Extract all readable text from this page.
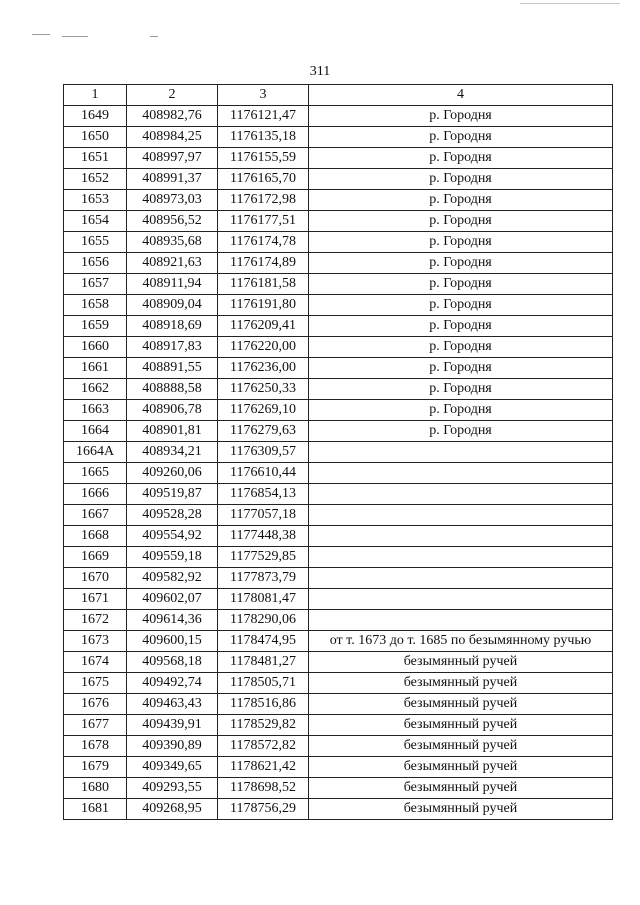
311
1	2	3	4
1649	408982,76	1176121,47	р. Городня
1650	408984,25	1176135,18	р. Городня
1651	408997,97	1176155,59	р. Городня
1652	408991,37	1176165,70	р. Городня
1653	408973,03	1176172,98	р. Городня
1654	408956,52	1176177,51	р. Городня
1655	408935,68	1176174,78	р. Городня
1656	408921,63	1176174,89	р. Городня
1657	408911,94	1176181,58	р. Городня
1658	408909,04	1176191,80	р. Городня
1659	408918,69	1176209,41	р. Городня
1660	408917,83	1176220,00	р. Городня
1661	408891,55	1176236,00	р. Городня
1662	408888,58	1176250,33	р. Городня
1663	408906,78	1176269,10	р. Городня
1664	408901,81	1176279,63	р. Городня
1664А	408934,21	1176309,57	
1665	409260,06	1176610,44	
1666	409519,87	1176854,13	
1667	409528,28	1177057,18	
1668	409554,92	1177448,38	
1669	409559,18	1177529,85	
1670	409582,92	1177873,79	
1671	409602,07	1178081,47	
1672	409614,36	1178290,06	
1673	409600,15	1178474,95	от т. 1673 до т. 1685 по безымянному ручью
1674	409568,18	1178481,27	безымянный ручей
1675	409492,74	1178505,71	безымянный ручей
1676	409463,43	1178516,86	безымянный ручей
1677	409439,91	1178529,82	безымянный ручей
1678	409390,89	1178572,82	безымянный ручей
1679	409349,65	1178621,42	безымянный ручей
1680	409293,55	1178698,52	безымянный ручей
1681	409268,95	1178756,29	безымянный ручей
